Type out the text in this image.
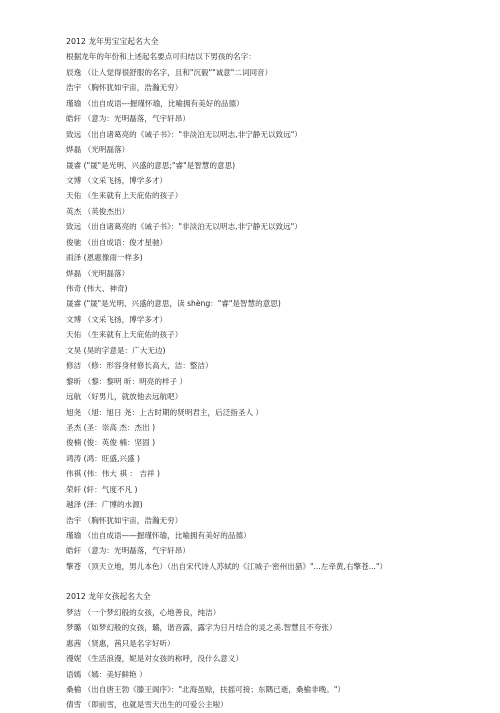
2012 龙年男宝宝起名大全
根据龙年的年份和上述起名要点可归结以下男孩的名字：
辰逸 （让人觉得很舒服的名字，且和"沉毅""诚意"二词同音）
浩宇 （胸怀犹如宇宙，浩瀚无穷）
瑾瑜 （出自成语---握瑾怀瑜，比喻拥有美好的品德）
皓轩 （意为：光明磊落，气宇轩昂）
致远 （出自诸葛亮的《诫子书》："非淡泊无以明志,非宁静无以致远"）
烨磊 （光明磊落）
晟睿 ("晟"是光明、兴盛的意思;"睿"是智慧的意思)
文博 （文采飞扬，博学多才）
天佑 （生来就有上天庇佑的孩子）
英杰 （英俊杰出）
致远 （出自诸葛亮的《诫子书》："非淡泊无以明志,非宁静无以致远"）
俊驰 （出自成语：俊才星驰）
雨泽 (恩惠像雨一样多)
烨磊 （光明磊落）
伟奇 (伟大、神奇)
晟睿 ("晟"是光明、兴盛的意思，读 shèng："睿"是智慧的意思)
文博 （文采飞扬，博学多才）
天佑 （生来就有上天庇佑的孩子）
文昊 (昊的字意是：广大无边)
修洁 （修：形容身材修长高大，洁：整洁）
黎昕 （黎：黎明 昕：明亮的样子 ）
远航 （好男儿，就放他去远航吧）
旭尧 （旭：旭日 尧：上古时期的贤明君主，后泛指圣人 ）
圣杰 (圣：崇高 杰：杰出 )
俊楠 (俊：英俊 楠：坚固 )
鸿涛 (鸿：旺盛,兴盛 )
伟祺 (伟：伟大 祺 ： 吉祥 )
荣轩 (轩：气度不凡 )
越泽 (泽：广博的水源)
浩宇 （胸怀犹如宇宙，浩瀚无穷）
瑾瑜 （出自成语——握瑾怀瑜，比喻拥有美好的品德）
皓轩 （意为：光明磊落，气宇轩昂）
擎苍 （顶天立地，男儿本色）（出自宋代诗人苏轼的《江城子·密州出猎》"...左牵黄,右擎苍..."）
2012 龙年女孩起名大全
梦洁 （一个梦幻般的女孩，心地善良，纯洁）
梦璐 （如梦幻般的女孩，璐，谐音露，露字为日月结合的灵之美.智慧且不夸张）
惠茜 （贤惠，茜只是名字好听）
漫妮 （生活浪漫，妮是对女孩的称呼，没什么意义）
语嫣 （嫣：美好鲜艳 ）
桑榆 （出自唐王勃《滕王阁序》："北海虽赊，扶摇可接；东隅已逝，桑榆非晚。"）
倩雪 （即前雪，也就是雪天出生的可爱公主啦）
